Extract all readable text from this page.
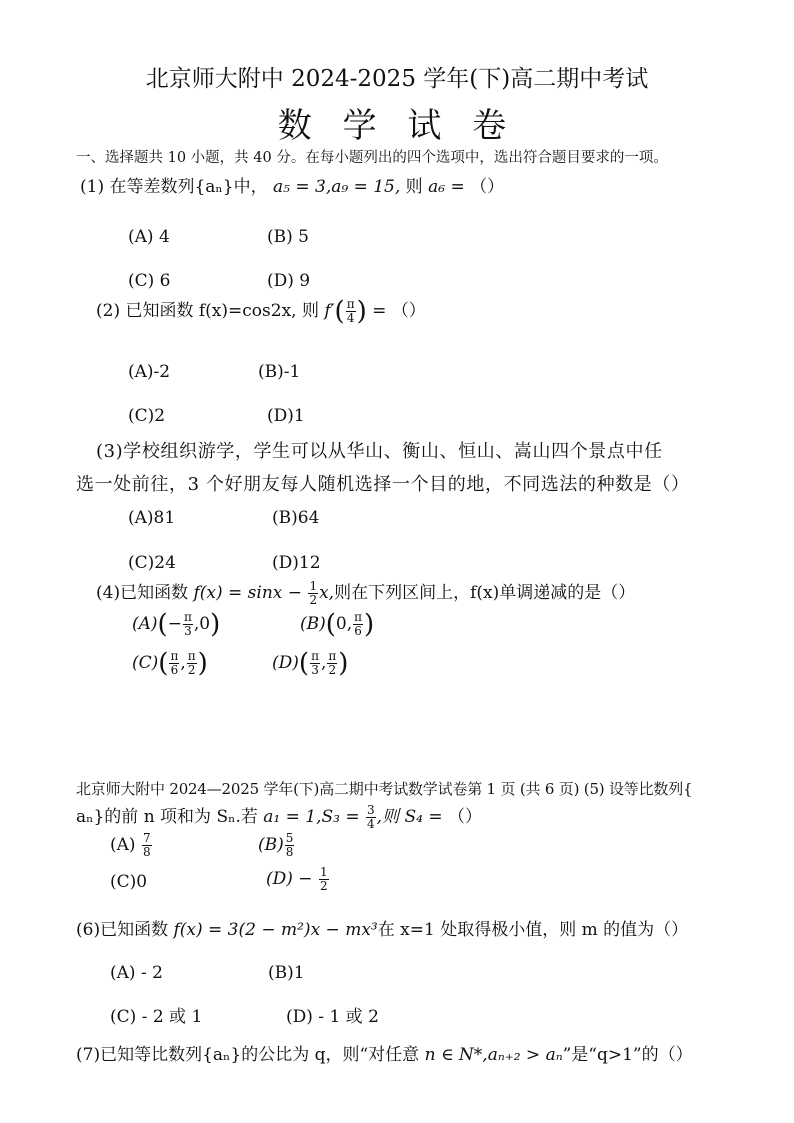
北京师大附中 2024-2025 学年(下)高二期中考试
数 学 试 卷
一、选择题共 10 小题，共 40 分。在每小题列出的四个选项中，选出符合题目要求的一项。
(1) 在等差数列{aₙ}中， a₅ = 3,a₉ = 15, 则 a₆ = （）
(A) 4	(B) 5
(C) 6	(D) 9
(2) 已知函数 f(x)=cos2x, 则 $f'( \frac{\pi}{4}$ ) = （）
(A)-2	(B)-1
(C)2	(D)1
(3)学校组织游学，学生可以从华山、衡山、恒山、嵩山四个景点中任
选一处前往，3 个好朋友每人随机选择一个目的地，不同选法的种数是（）
(A)81	(B)64
(C)24	(D)12
(4)已知函数 $f(x) = \sin x - \frac{1}{2} x$,则在下列区间上，f(x)单调递减的是（）
$(A)(- \frac{\pi}{3} ,0)$	(B)(0, $\frac{\pi}{6}$ )
$(C)( \frac{\pi}{6}$ , $\frac{\pi}{2}$ )	$(D)( \frac{\pi}{3}$ , $\frac{\pi}{2}$ )
北京师大附中 2024—2025 学年(下)高二期中考试数学试卷第 1 页 (共 6 页) (5) 设等比数列{
aₙ}的前 n 项和为 Sₙ.若 $a_1 = 1,S_3 = \frac{3}{4}$ ,则 S₄ = （）
$(A) \frac{7}{8}$	$(B) \frac{5}{8}$
(C)0	$(D) - \frac{1}{2}$
(6)已知函数 f(x) = 3(2 − m²)x − mx³在 x=1 处取得极小值，则 m 的值为（）
(A) - 2	(B)1
(C) - 2 或 1	(D) - 1 或 2
(7)已知等比数列{aₙ}的公比为 q，则“对任意 n ∈ N*,aₙ₊₂ > aₙ”是“q>1”的（）
